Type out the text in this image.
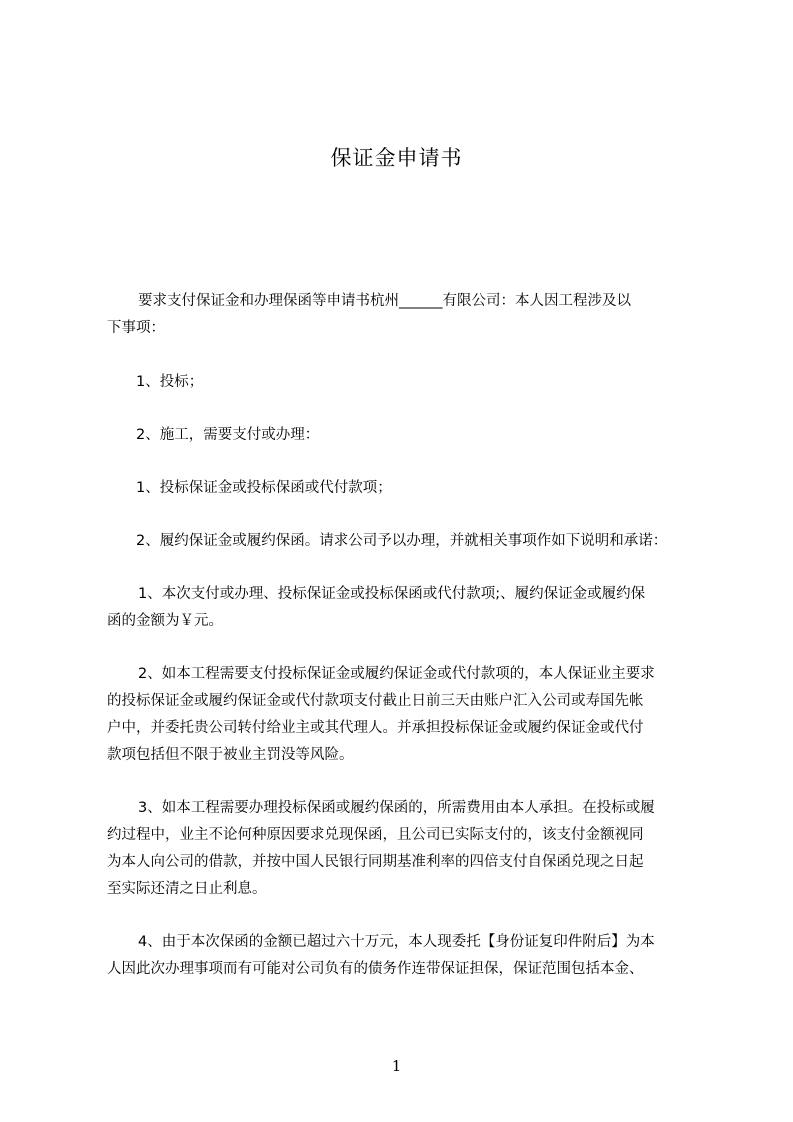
保证金申请书
要求支付保证金和办理保函等申请书杭州______有限公司：本人因工程涉及以
下事项：
1、投标；
2、施工，需要支付或办理：
1、投标保证金或投标保函或代付款项；
2、履约保证金或履约保函。请求公司予以办理，并就相关事项作如下说明和承诺：
1、本次支付或办理、投标保证金或投标保函或代付款项;、履约保证金或履约保
函的金额为￥元。
2、如本工程需要支付投标保证金或履约保证金或代付款项的，本人保证业主要求
的投标保证金或履约保证金或代付款项支付截止日前三天由账户汇入公司或寿国先帐
户中，并委托贵公司转付给业主或其代理人。并承担投标保证金或履约保证金或代付
款项包括但不限于被业主罚没等风险。
3、如本工程需要办理投标保函或履约保函的，所需费用由本人承担。在投标或履
约过程中，业主不论何种原因要求兑现保函，且公司已实际支付的，该支付金额视同
为本人向公司的借款，并按中国人民银行同期基准利率的四倍支付自保函兑现之日起
至实际还清之日止利息。
4、由于本次保函的金额已超过六十万元，本人现委托【身份证复印件附后】为本
人因此次办理事项而有可能对公司负有的债务作连带保证担保，保证范围包括本金、
1
